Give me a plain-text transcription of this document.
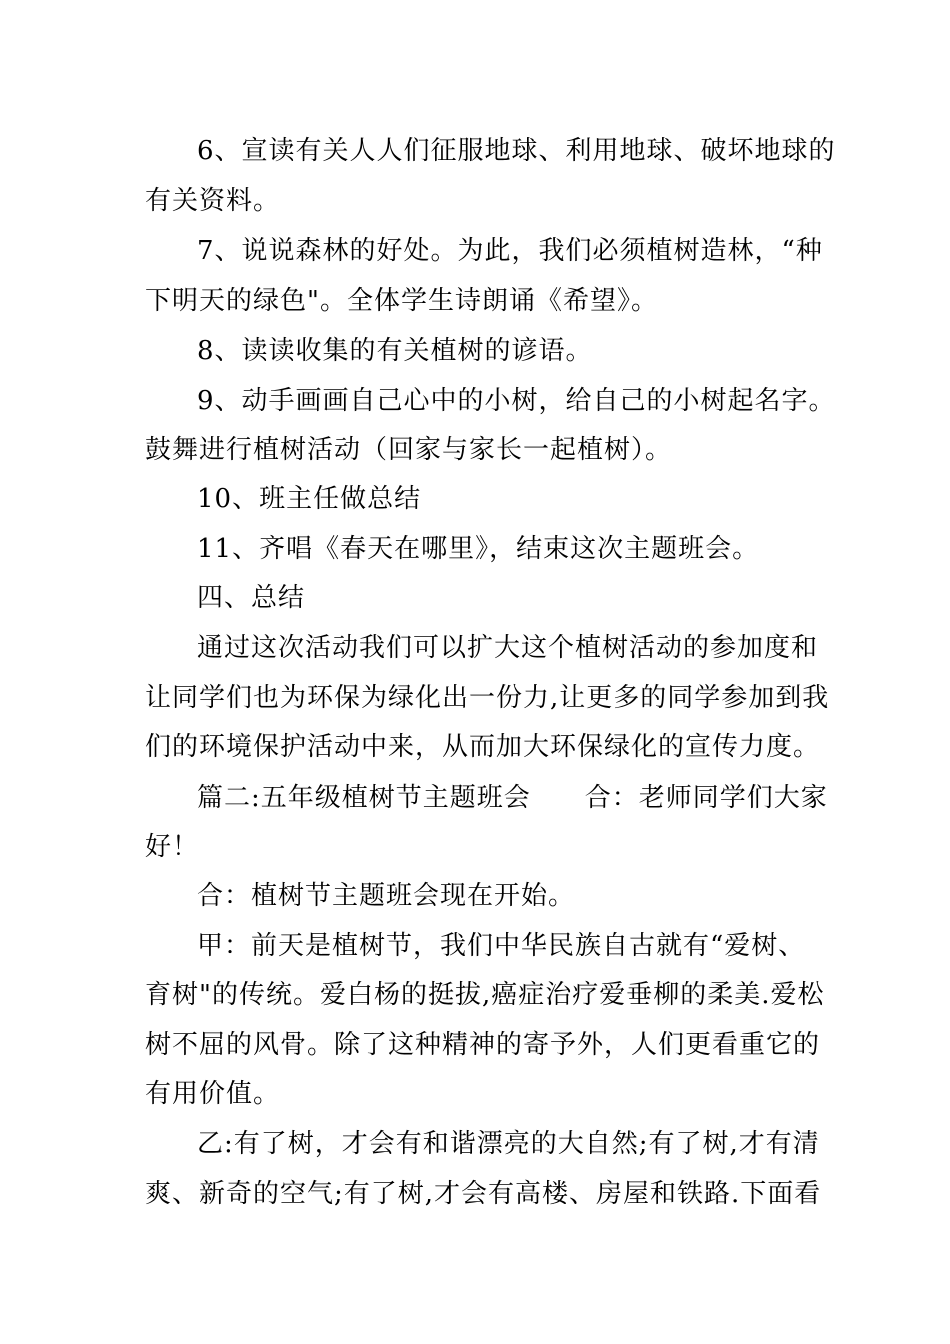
6、宣读有关人人们征服地球、利用地球、破坏地球的
有关资料。
7、说说森林的好处。为此，我们必须植树造林，“种
下明天的绿色"。全体学生诗朗诵《希望》。
8、读读收集的有关植树的谚语。
9、动手画画自己心中的小树，给自己的小树起名字。
鼓舞进行植树活动（回家与家长一起植树）。
10、班主任做总结
11、齐唱《春天在哪里》，结束这次主题班会。
四、总结
通过这次活动我们可以扩大这个植树活动的参加度和
让同学们也为环保为绿化出一份力,让更多的同学参加到我
们的环境保护活动中来，从而加大环保绿化的宣传力度。
篇二:五年级植树节主题班会　　合：老师同学们大家
好！
合：植树节主题班会现在开始。
甲：前天是植树节，我们中华民族自古就有“爱树、
育树"的传统。爱白杨的挺拔,癌症治疗爱垂柳的柔美.爱松
树不屈的风骨。除了这种精神的寄予外，人们更看重它的
有用价值。
乙:有了树，才会有和谐漂亮的大自然;有了树,才有清
爽、新奇的空气;有了树,才会有高楼、房屋和铁路.下面看
